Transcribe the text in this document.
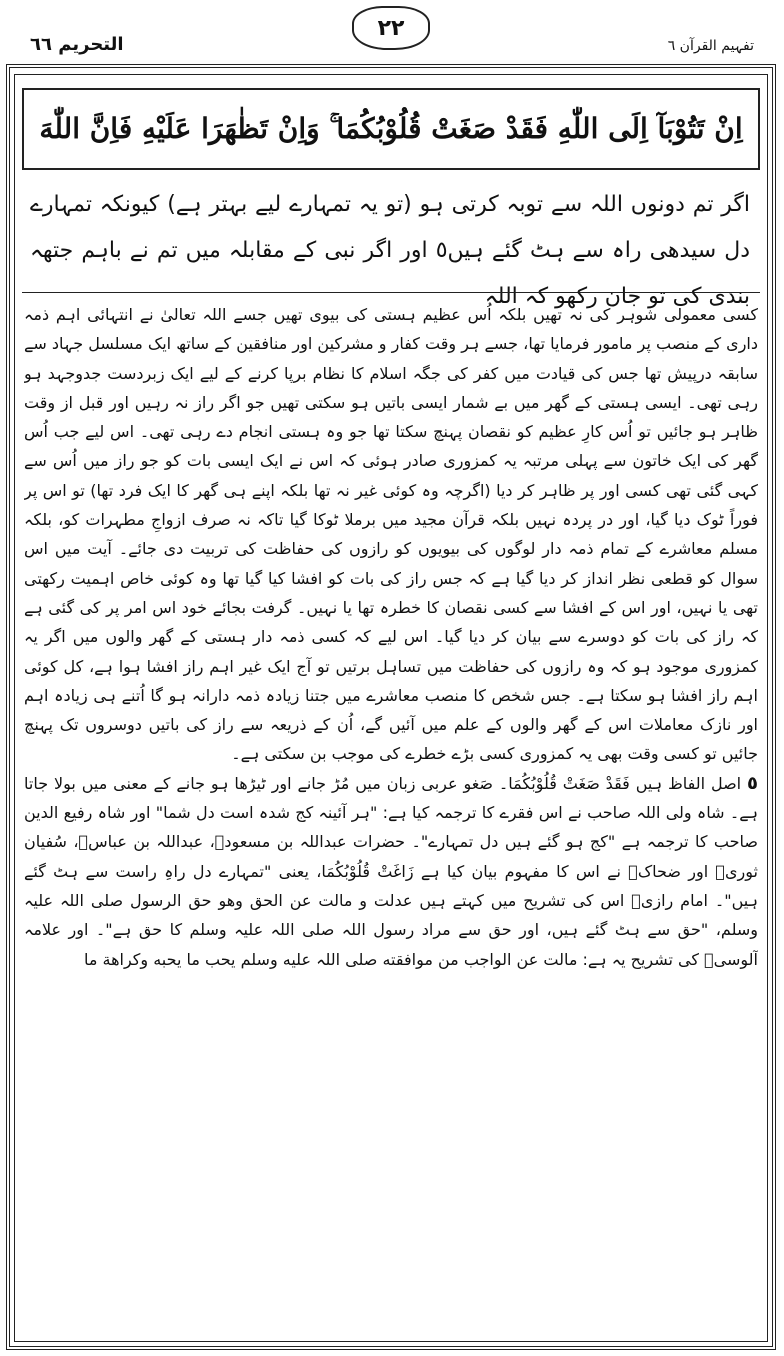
التحریم ٦٦
٢٢
تفہیم القرآن ٦
اِنْ تَتُوْبَآ اِلَى اللّٰهِ فَقَدْ صَغَتْ قُلُوْبُكُمَا ۚ وَاِنْ تَظٰهَرَا عَلَيْهِ فَاِنَّ اللّٰهَ
اگر تم دونوں اللہ سے توبہ کرتی ہو (تو یہ تمہارے لیے بہتر ہے) کیونکہ تمہارے دل سیدھی راہ سے ہٹ گئے ہیں٥ اور اگر نبی کے مقابلہ میں تم نے باہم جتھہ بندی کی تو جان رکھو کہ اللہ

کسی معمولی شوہر کی نہ تھیں بلکہ اُس عظیم ہستی کی بیوی تھیں جسے اللہ تعالیٰ نے انتہائی اہم ذمہ داری کے منصب پر مامور فرمایا تھا، جسے ہر وقت کفار و مشرکین اور منافقین کے ساتھ ایک مسلسل جہاد سے سابقہ درپیش تھا جس کی قیادت میں کفر کی جگہ اسلام کا نظام برپا کرنے کے لیے ایک زبردست جدوجہد ہو رہی تھی۔ ایسی ہستی کے گھر میں بے شمار ایسی باتیں ہو سکتی تھیں جو اگر راز نہ رہیں اور قبل از وقت ظاہر ہو جائیں تو اُس کارِ عظیم کو نقصان پہنچ سکتا تھا جو وہ ہستی انجام دے رہی تھی۔ اس لیے جب اُس گھر کی ایک خاتون سے پہلی مرتبہ یہ کمزوری صادر ہوئی کہ اس نے ایک ایسی بات کو جو راز میں اُس سے کہی گئی تھی کسی اور پر ظاہر کر دیا (اگرچہ وہ کوئی غیر نہ تھا بلکہ اپنے ہی گھر کا ایک فرد تھا) تو اس پر فوراً ٹوک دیا گیا، اور در پردہ نہیں بلکہ قرآن مجید میں برملا ٹوکا گیا تاکہ نہ صرف ازواجِ مطہرات کو، بلکہ مسلم معاشرے کے تمام ذمہ دار لوگوں کی بیویوں کو رازوں کی حفاظت کی تربیت دی جائے۔ آیت میں اس سوال کو قطعی نظر انداز کر دیا گیا ہے کہ جس راز کی بات کو افشا کیا گیا تھا وہ کوئی خاص اہمیت رکھتی تھی یا نہیں، اور اس کے افشا سے کسی نقصان کا خطرہ تھا یا نہیں۔ گرفت بجائے خود اس امر پر کی گئی ہے کہ راز کی بات کو دوسرے سے بیان کر دیا گیا۔ اس لیے کہ کسی ذمہ دار ہستی کے گھر والوں میں اگر یہ کمزوری موجود ہو کہ وہ رازوں کی حفاظت میں تساہل برتیں تو آج ایک غیر اہم راز افشا ہوا ہے، کل کوئی اہم راز افشا ہو سکتا ہے۔ جس شخص کا منصب معاشرے میں جتنا زیادہ ذمہ دارانہ ہو گا اُتنے ہی زیادہ اہم اور نازک معاملات اس کے گھر والوں کے علم میں آئیں گے، اُن کے ذریعہ سے راز کی باتیں دوسروں تک پہنچ جائیں تو کسی وقت بھی یہ کمزوری کسی بڑے خطرے کی موجب بن سکتی ہے۔

٥ اصل الفاظ ہیں فَقَدْ صَغَتْ قُلُوْبُكُمَا۔ صَغو عربی زبان میں مُڑ جانے اور ٹیڑھا ہو جانے کے معنی میں بولا جاتا ہے۔ شاہ ولی اللہ صاحب نے اس فقرے کا ترجمہ کیا ہے: "ہر آئینہ کج شدہ است دل شما" اور شاہ رفیع الدین صاحب کا ترجمہ ہے "کج ہو گئے ہیں دل تمہارے"۔ حضرات عبداللہ بن مسعودؓ، عبداللہ بن عباسؓ، سُفیان ثوریؒ اور ضحاکؒ نے اس کا مفہوم بیان کیا ہے زَاغَتْ قُلُوْبُكُمَا، یعنی "تمہارے دل راہِ راست سے ہٹ گئے ہیں"۔ امام رازیؒ اس کی تشریح میں کہتے ہیں عدلت و مالت عن الحق وهو حق الرسول صلی اللہ علیہ وسلم، "حق سے ہٹ گئے ہیں، اور حق سے مراد رسول اللہ صلی اللہ علیہ وسلم کا حق ہے"۔ اور علامہ آلوسیؒ کی تشریح یہ ہے: مالت عن الواجب من موافقته صلی اللہ علیه وسلم یحب ما یحبه وکراهة ما
